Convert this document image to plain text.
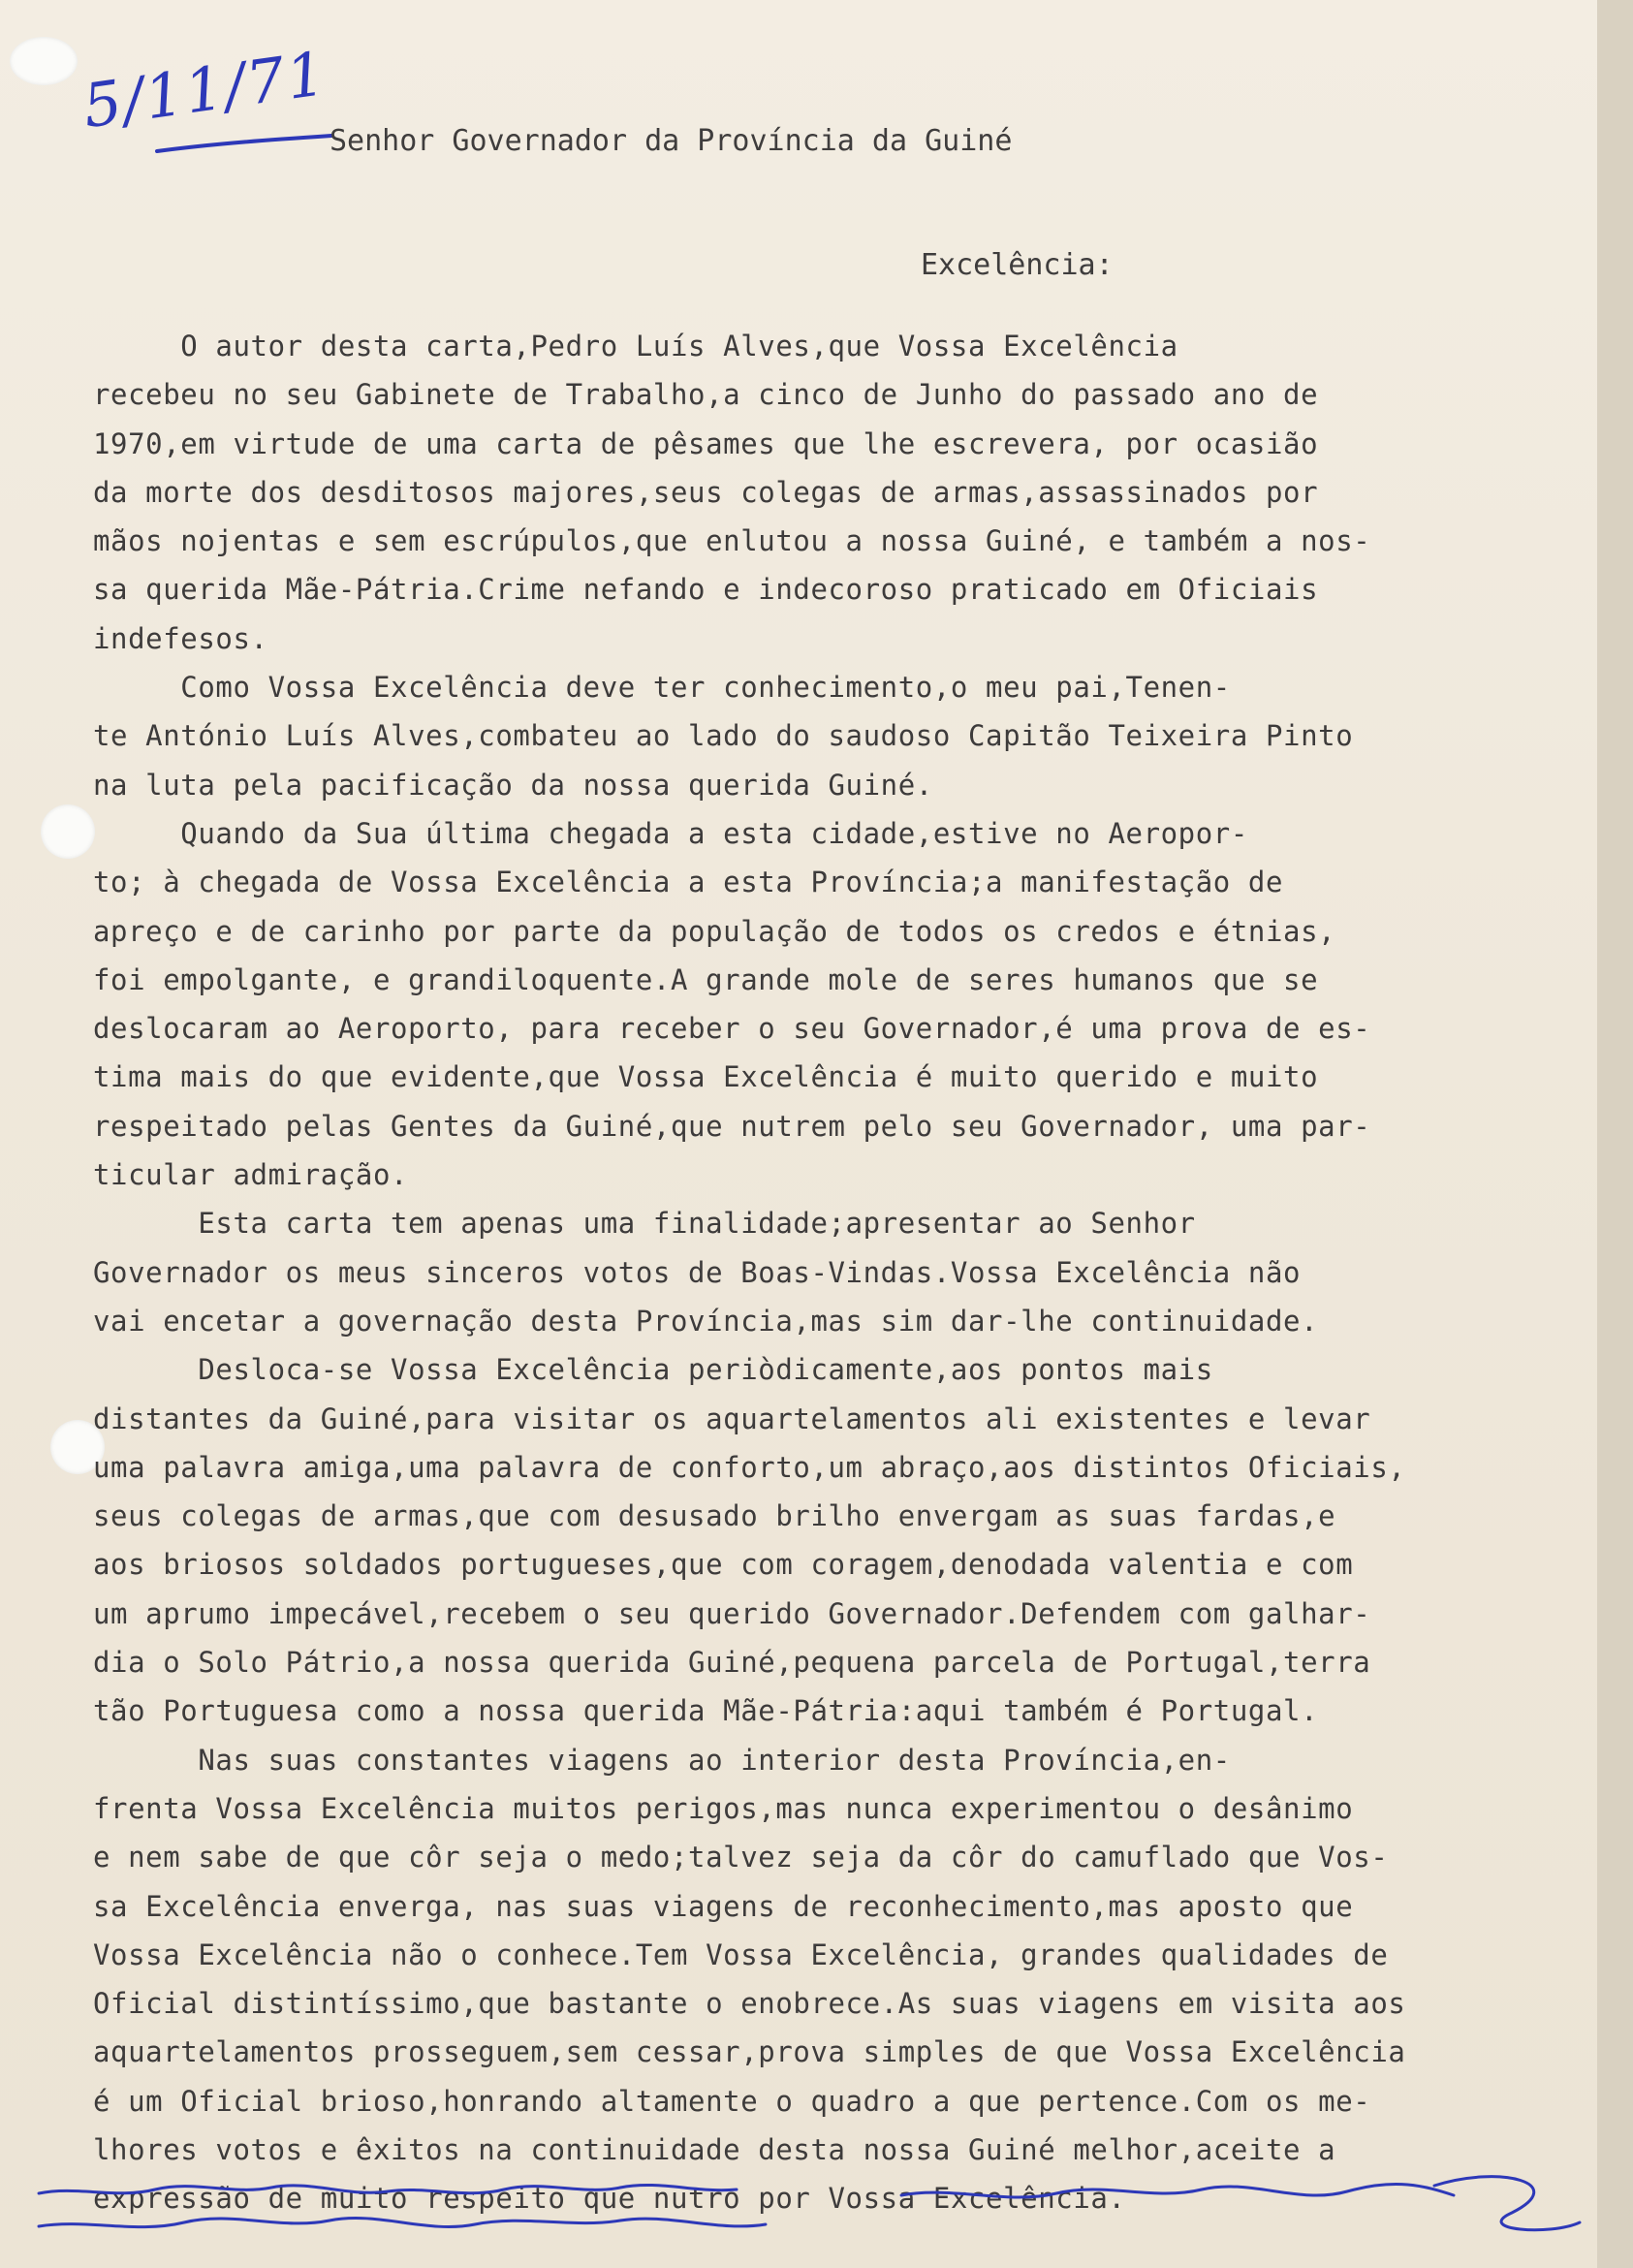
5/11/71
Senhor Governador da Província da Guiné

Excelência:

O autor desta carta,Pedro Luís Alves,que Vossa Excelência
recebeu no seu Gabinete de Trabalho,a cinco de Junho do passado ano de
1970,em virtude de uma carta de pêsames que lhe escrevera, por ocasião
da morte dos desditosos majores,seus colegas de armas,assassinados por
mãos nojentas e sem escrúpulos,que enlutou a nossa Guiné, e também a nos-
sa querida Mãe-Pátria.Crime nefando e indecoroso praticado em Oficiais
indefesos.
Como Vossa Excelência deve ter conhecimento,o meu pai,Tenen-
te António Luís Alves,combateu ao lado do saudoso Capitão Teixeira Pinto
na luta pela pacificação da nossa querida Guiné.
Quando da Sua última chegada a esta cidade,estive no Aeropor-
to; à chegada de Vossa Excelência a esta Província;a manifestação de
apreço e de carinho por parte da população de todos os credos e étnias,
foi empolgante, e grandiloquente.A grande mole de seres humanos que se
deslocaram ao Aeroporto, para receber o seu Governador,é uma prova de es-
tima mais do que evidente,que Vossa Excelência é muito querido e muito
respeitado pelas Gentes da Guiné,que nutrem pelo seu Governador, uma par-
ticular admiração.
Esta carta tem apenas uma finalidade;apresentar ao Senhor
Governador os meus sinceros votos de Boas-Vindas.Vossa Excelência não
vai encetar a governação desta Província,mas sim dar-lhe continuidade.
Desloca-se Vossa Excelência periòdicamente,aos pontos mais
distantes da Guiné,para visitar os aquartelamentos ali existentes e levar
uma palavra amiga,uma palavra de conforto,um abraço,aos distintos Oficiais,
seus colegas de armas,que com desusado brilho envergam as suas fardas,e
aos briosos soldados portugueses,que com coragem,denodada valentia e com
um aprumo impecável,recebem o seu querido Governador.Defendem com galhar-
dia o Solo Pátrio,a nossa querida Guiné,pequena parcela de Portugal,terra
tão Portuguesa como a nossa querida Mãe-Pátria:aqui também é Portugal.
Nas suas constantes viagens ao interior desta Província,en-
frenta Vossa Excelência muitos perigos,mas nunca experimentou o desânimo
e nem sabe de que côr seja o medo;talvez seja da côr do camuflado que Vos-
sa Excelência enverga, nas suas viagens de reconhecimento,mas aposto que
Vossa Excelência não o conhece.Tem Vossa Excelência, grandes qualidades de
Oficial distintíssimo,que bastante o enobrece.As suas viagens em visita aos
aquartelamentos prosseguem,sem cessar,prova simples de que Vossa Excelência
é um Oficial brioso,honrando altamente o quadro a que pertence.Com os me-
lhores votos e êxitos na continuidade desta nossa Guiné melhor,aceite a
expressão de muito respeito que nutro por Vossa Excelência.
